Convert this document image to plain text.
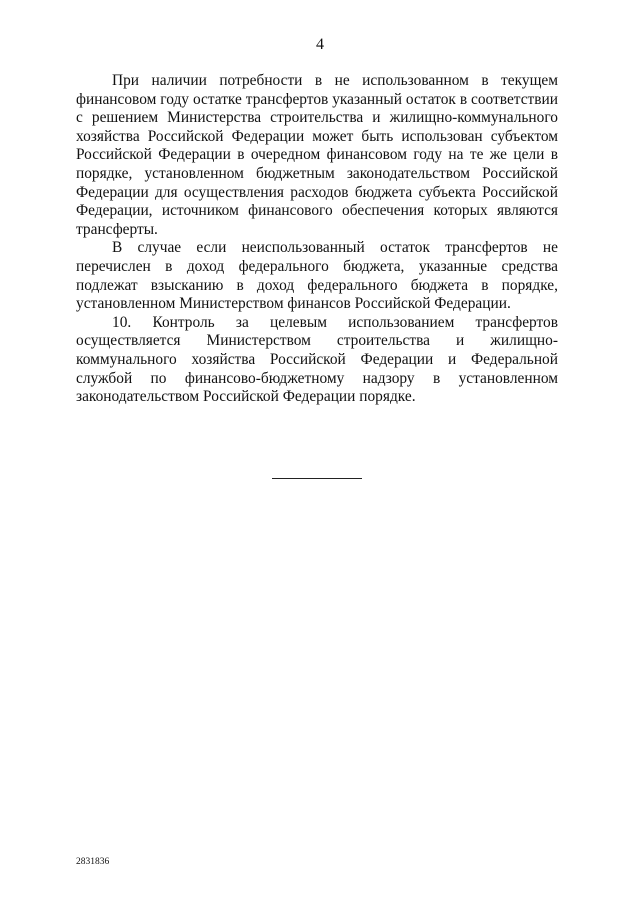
4

При наличии потребности в не использованном в текущем финансовом году остатке трансфертов указанный остаток в соответствии с решением Министерства строительства и жилищно-коммунального хозяйства Российской Федерации может быть использован субъектом Российской Федерации в очередном финансовом году на те же цели в порядке, установленном бюджетным законодательством Российской Федерации для осуществления расходов бюджета субъекта Российской Федерации, источником финансового обеспечения которых являются трансферты.

В случае если неиспользованный остаток трансфертов не перечислен в доход федерального бюджета, указанные средства подлежат взысканию в доход федерального бюджета в порядке, установленном Министерством финансов Российской Федерации.

10. Контроль за целевым использованием трансфертов осуществляется Министерством строительства и жилищно-коммунального хозяйства Российской Федерации и Федеральной службой по финансово-бюджетному надзору в установленном законодательством Российской Федерации порядке.

2831836
